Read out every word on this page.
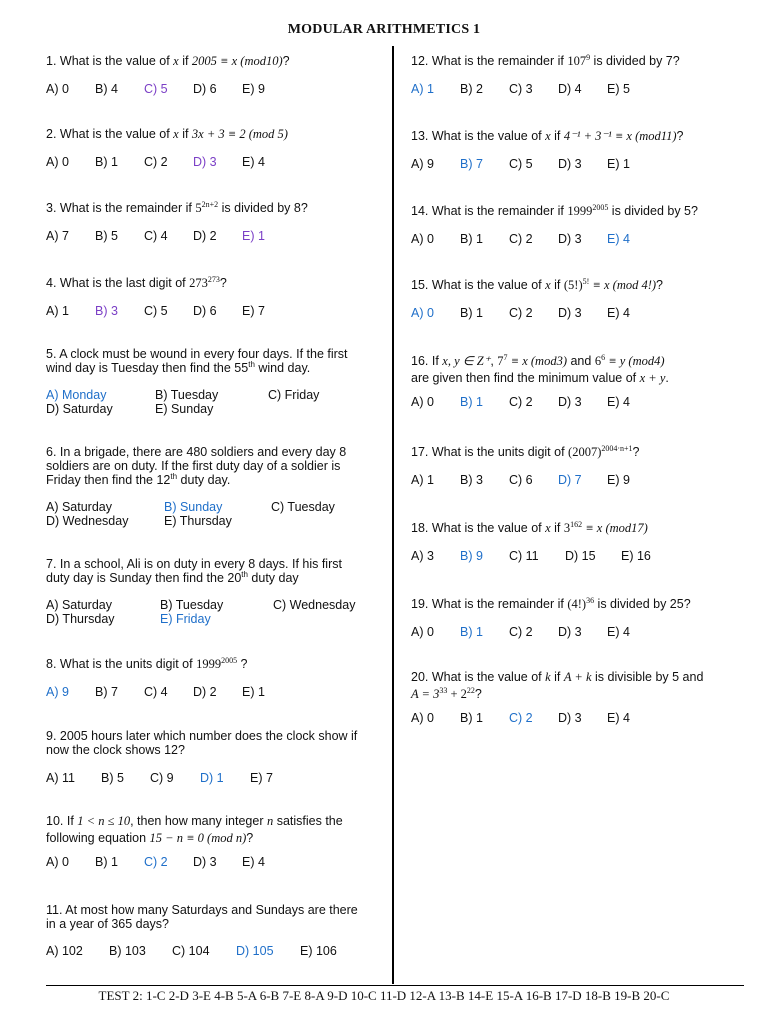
MODULAR ARITHMETICS 1
1. What is the value of x if 2005 ≡ x (mod10)?
A) 0 B) 4 C) 5 D) 6 E) 9
2. What is the value of x if 3x + 3 ≡ 2 (mod 5)
A) 0 B) 1 C) 2 D) 3 E) 4
3. What is the remainder if $5^{2n+2}$ is divided by 8?
A) 7 B) 5 C) 4 D) 2 E) 1
4. What is the last digit of $273^{273}$?
A) 1 B) 3 C) 5 D) 6 E) 7
5. A clock must be wound in every four days. If the first
wind day is Tuesday then find the 55th wind day.
A) Monday	B) Tuesday	C) Friday
D) Saturday	E) Sunday
6. In a brigade, there are 480 soldiers and every day 8
soldiers are on duty. If the first duty day of a soldier is
Friday then find the 12th duty day.
A) Saturday	B) Sunday	C) Tuesday
D) Wednesday	E) Thursday
7. In a school, Ali is on duty in every 8 days. If his first
duty day is Sunday then find the 20th duty day
A) Saturday	B) Tuesday	C) Wednesday
D) Thursday	E) Friday
8. What is the units digit of $1999^{2005}$ ?
A) 9 B) 7 C) 4 D) 2 E) 1
9. 2005 hours later which number does the clock show if
now the clock shows 12?
A) 11 B) 5 C) 9 D) 1 E) 7
10. If 1 < n ≤ 10, then how many integer n satisfies the
following equation 15 − n ≡ 0 (mod n)?
A) 0 B) 1 C) 2 D) 3 E) 4
11. At most how many Saturdays and Sundays are there
in a year of 365 days?
A) 102 B) 103 C) 104 D) 105 E) 106
12. What is the remainder if $107^9$ is divided by 7?
A) 1 B) 2 C) 3 D) 4 E) 5
13. What is the value of x if 4⁻¹ + 3⁻¹ ≡ x (mod11)?
A) 9 B) 7 C) 5 D) 3 E) 1
14. What is the remainder if $1999^{2005}$ is divided by 5?
A) 0 B) 1 C) 2 D) 3 E) 4
15. What is the value of x if $(5!)^{5!} \equiv x$ (mod 4!)?
A) 0 B) 1 C) 2 D) 3 E) 4
16. If x, y ∈ Z⁺, $7^7 \equiv x$ (mod3) and $6^6 \equiv y$ (mod4)
are given then find the minimum value of x + y.
A) 0 B) 1 C) 2 D) 3 E) 4
17. What is the units digit of $(2007)^{2004\cdot n+1}$?
A) 1 B) 3 C) 6 D) 7 E) 9
18. What is the value of x if $3^{162} \equiv x$ (mod17)
A) 3 B) 9 C) 11 D) 15 E) 16
19. What is the remainder if $(4!)^{36}$ is divided by 25?
A) 0 B) 1 C) 2 D) 3 E) 4
20. What is the value of k if A + k is divisible by 5 and
$A = 3^{33} + 2^{22}$?
A) 0 B) 1 C) 2 D) 3 E) 4
TEST 2: 1-C 2-D 3-E 4-B 5-A 6-B 7-E 8-A 9-D 10-C 11-D 12-A 13-B 14-E 15-A 16-B 17-D 18-B 19-B 20-C
